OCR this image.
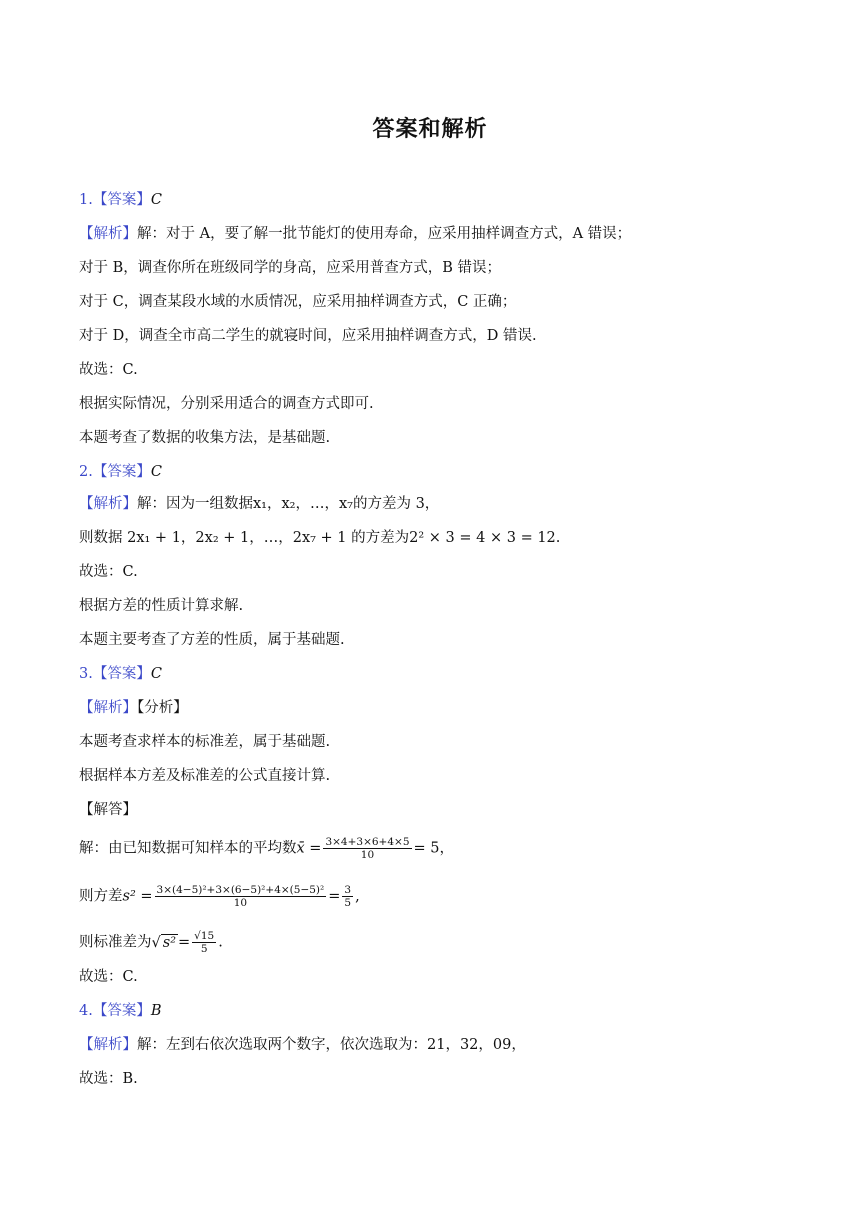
答案和解析
1.【答案】C
【解析】解：对于 A，要了解一批节能灯的使用寿命，应采用抽样调查方式，A 错误；
对于 B，调查你所在班级同学的身高，应采用普查方式，B 错误；
对于 C，调查某段水域的水质情况，应采用抽样调查方式，C 正确；
对于 D，调查全市高二学生的就寝时间，应采用抽样调查方式，D 错误.
故选：C.
根据实际情况，分别采用适合的调查方式即可.
本题考查了数据的收集方法，是基础题.
2.【答案】C
【解析】解：因为一组数据x₁，x₂，…，x₇的方差为 3，
则数据 2x₁ + 1，2x₂ + 1，…，2x₇ + 1 的方差为2² × 3 = 4 × 3 = 12.
故选：C.
根据方差的性质计算求解.
本题主要考查了方差的性质，属于基础题.
3.【答案】C
【解析】【分析】
本题考查求样本的标准差，属于基础题.
根据样本方差及标准差的公式直接计算.
【解答】
解：由已知数据可知样本的平均数x̄ = $\frac{3\times 4+3\times 6+4\times 5}{10} = 5$，
则方差$s^2 = \frac{\text{3×(4−5)²+3×(6−5)²+4×(5−5)²}}{10} = \frac{3}{5}$ ,
则标准差为√ $s^2 = \frac{√15}{5}$ .
故选：C.
4.【答案】B
【解析】解：左到右依次选取两个数字，依次选取为：21，32，09，
故选：B.
